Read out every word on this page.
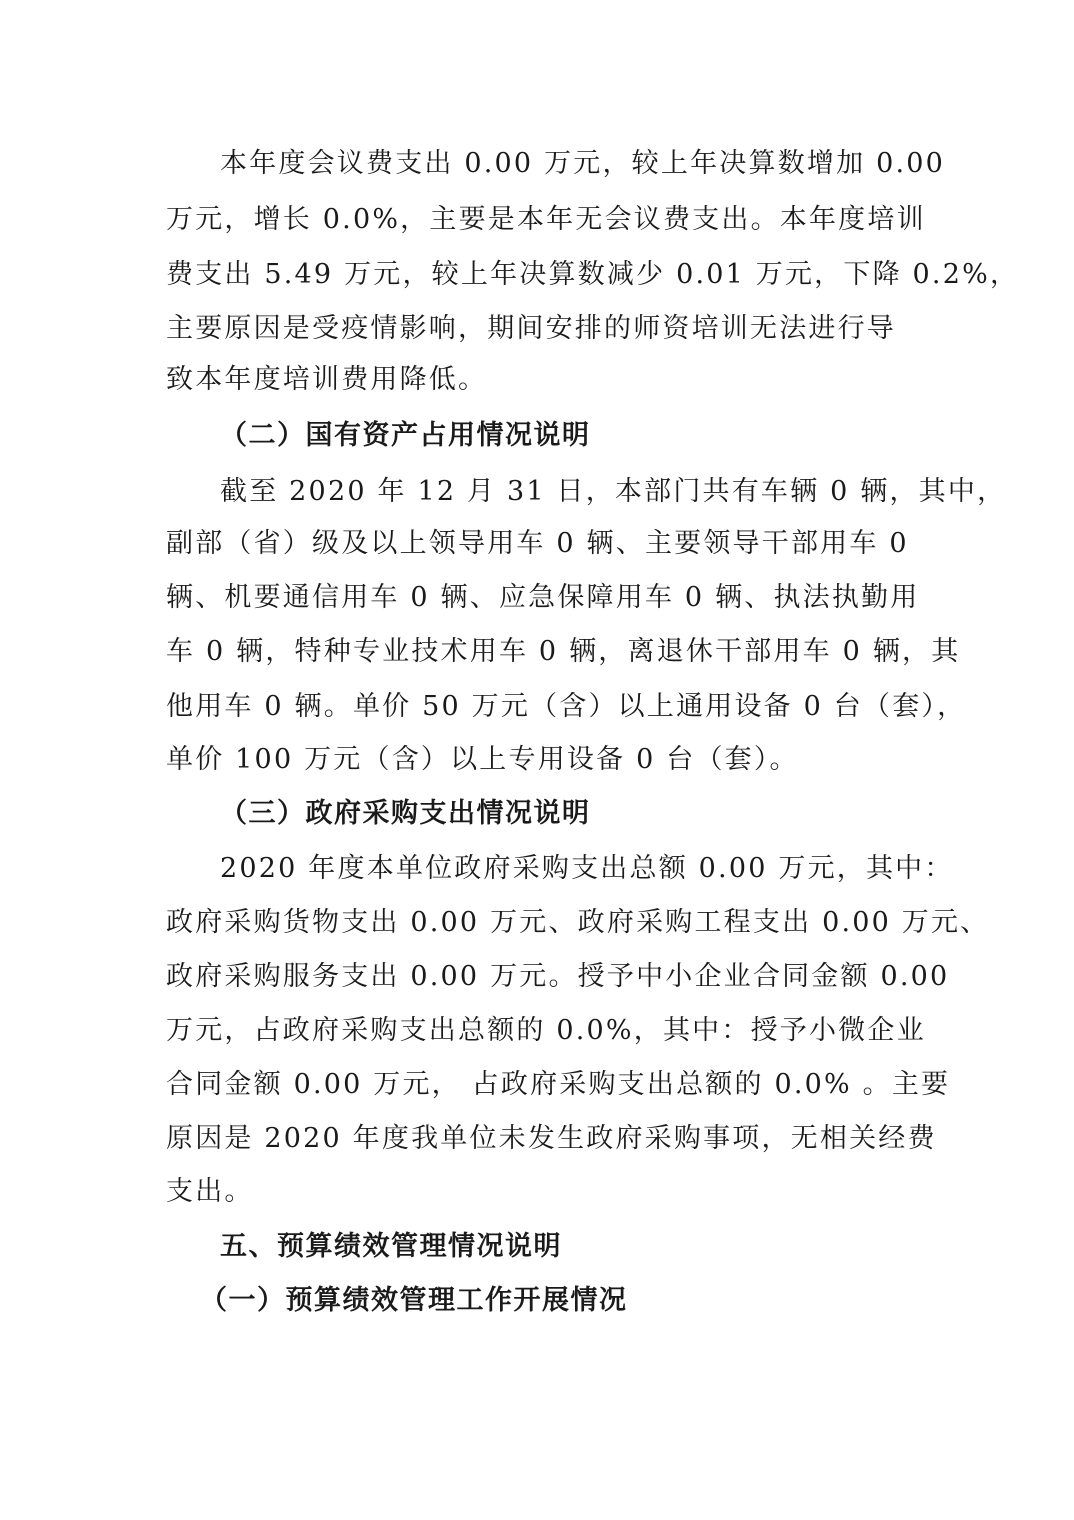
本年度会议费支出 0.00 万元，较上年决算数增加 0.00
万元，增长 0.0%，主要是本年无会议费支出。本年度培训
费支出 5.49 万元，较上年决算数减少 0.01 万元，下降 0.2%，
主要原因是受疫情影响，期间安排的师资培训无法进行导
致本年度培训费用降低。
（二）国有资产占用情况说明
截至 2020 年 12 月 31 日，本部门共有车辆 0 辆，其中，
副部（省）级及以上领导用车 0 辆、主要领导干部用车 0
辆、机要通信用车 0 辆、应急保障用车 0 辆、执法执勤用
车 0 辆，特种专业技术用车 0 辆，离退休干部用车 0 辆，其
他用车 0 辆。单价 50 万元（含）以上通用设备 0 台（套），
单价 100 万元（含）以上专用设备 0 台（套）。
（三）政府采购支出情况说明
2020 年度本单位政府采购支出总额 0.00 万元，其中：
政府采购货物支出 0.00 万元、政府采购工程支出 0.00 万元、
政府采购服务支出 0.00 万元。授予中小企业合同金额 0.00
万元，占政府采购支出总额的 0.0%，其中：授予小微企业
合同金额 0.00 万元， 占政府采购支出总额的 0.0% 。主要
原因是 2020 年度我单位未发生政府采购事项，无相关经费
支出。
五、预算绩效管理情况说明
（一）预算绩效管理工作开展情况
